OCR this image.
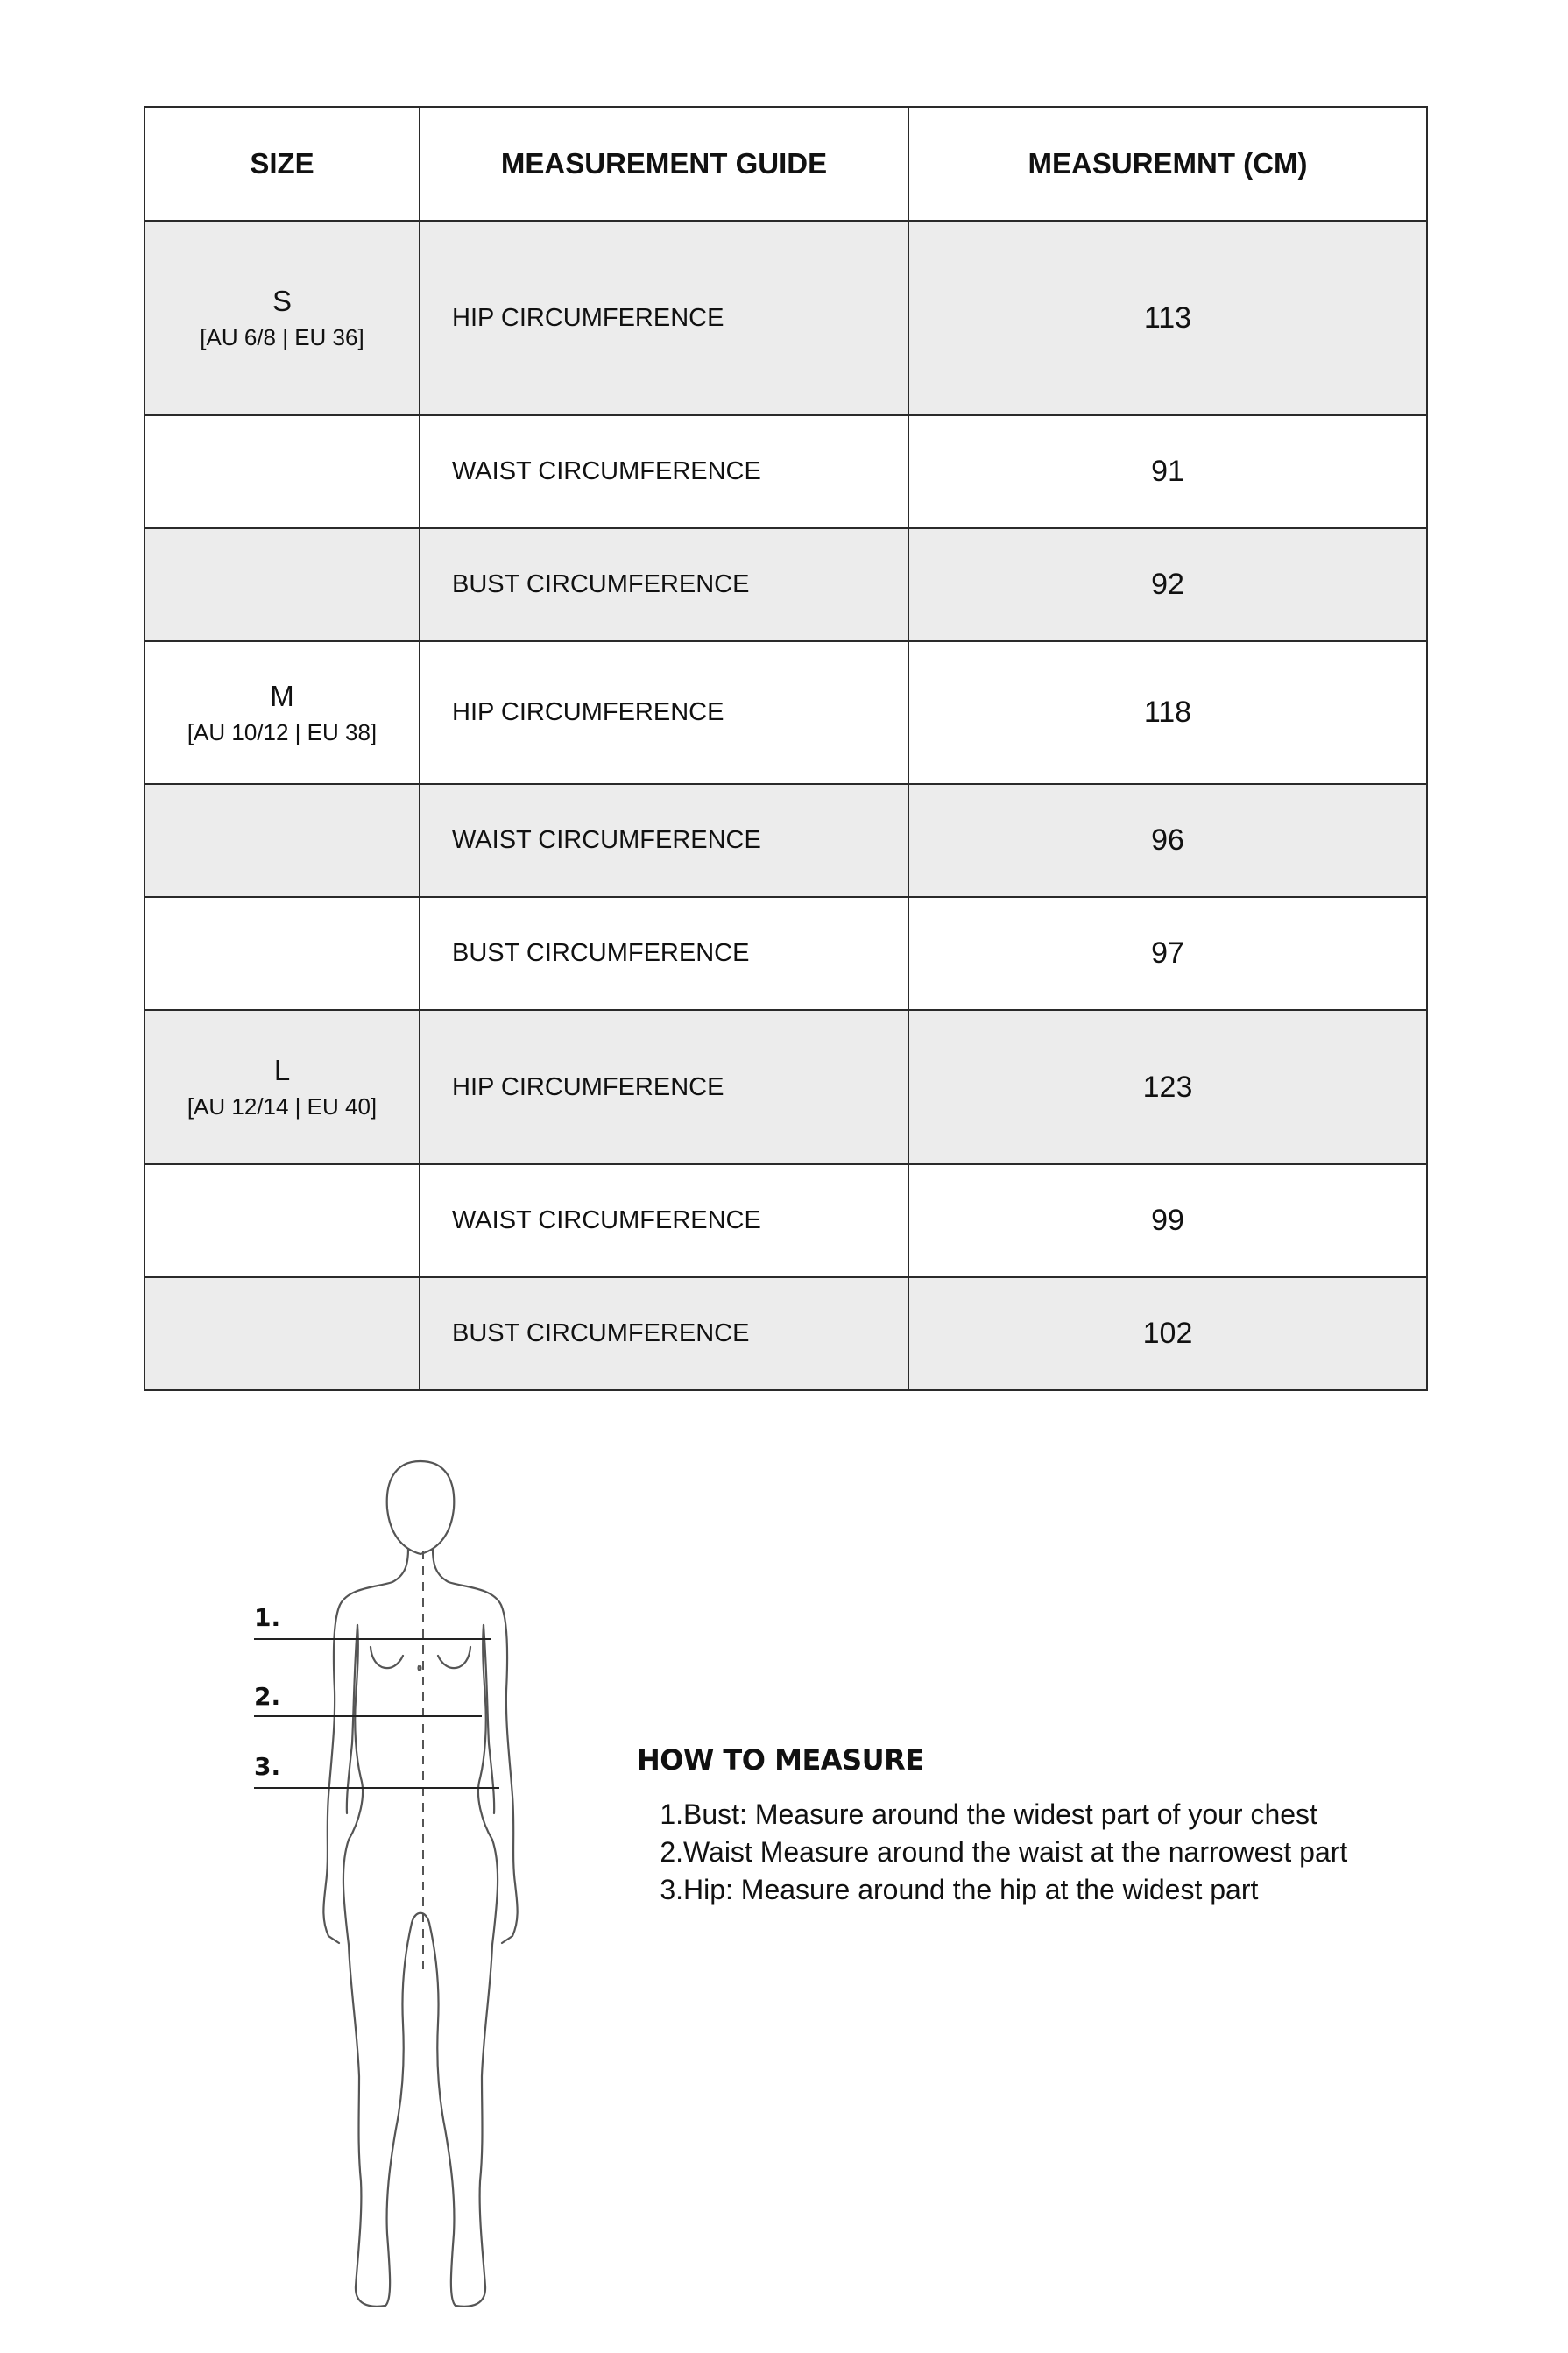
SIZE	MEASUREMENT GUIDE	MEASUREMNT (CM)

S
[AU 6/8 | EU 36]	HIP CIRCUMFERENCE	113
	WAIST CIRCUMFERENCE	91
	BUST CIRCUMFERENCE	92

M
[AU 10/12 | EU 38]	HIP CIRCUMFERENCE	118
	WAIST CIRCUMFERENCE	96
	BUST CIRCUMFERENCE	97

L
[AU 12/14 | EU 40]	HIP CIRCUMFERENCE	123
	WAIST CIRCUMFERENCE	99
	BUST CIRCUMFERENCE	102
1.
2.
3.	HOW TO MEASURE
1. Bust: Measure around the widest part of your chest
2. Waist Measure around the waist at the narrowest part
3. Hip: Measure around the hip at the widest part
